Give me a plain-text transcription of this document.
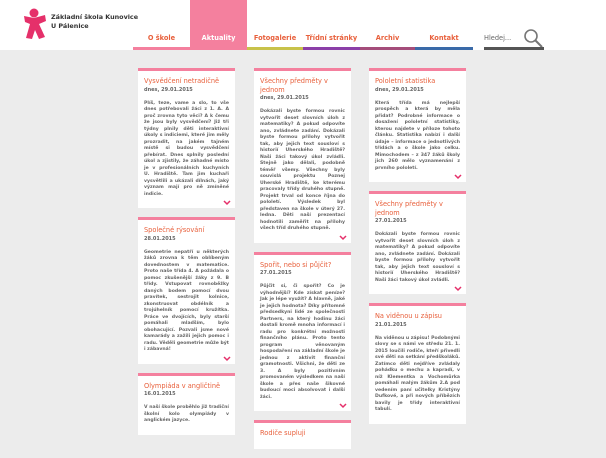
Základní škola Kunovice
U Pálenice
O škole	Aktuality	Fotogalerie	Třídní stránky	Archiv	Kontakt
Hledej...
Vysvědčení netradičně
dnes, 29.01.2015
Plíš, teze, vame a slo, to vše dnes potřebovali žáci z 1. A. A proč zrovna tyto věci? A k čemu že jsou byly vysvědčení? Již tři týdny plnily děti interaktivní úkoly s indiciemi, které jim měly prozradit, na jakém tajném místě si budou vysvědčení přebírat. Dnes splnily poslední úkol a zjistily, že záhadné místo je v profesionálních kuchyních U. Hradiště. Tam jim kuchaři vysvětlili a ukázali dílnách, jaký význam mají pro ně zmíněné indicie.
Společné rýsování
28.01.2015
Geometrie nepatří u některých žáků zrovna k těm oblíbeným dovednostem v matematice. Proto naše třída 4. A požádala o pomoc zkušenější žáky z 9. B třídy. Vstupovat rovnoběžky daných bodem pomocí dvou pravítek, sestrojit kolnice, zkonstruovat obdélník a trojúhelník pomocí kružítka. Práce ve dvojících, byly starší pomáhali mladším, bylo obohacující. Pozvali jsme nové kamarády a zažili jejich pomoc i radu. Věděli geometrie může být i zábavná!
Olympiáda v angličtině
16.01.2015
V naší škole proběhlo již tradiční školní kolo olympiády v anglickém jazyce.
Všechny předměty v jednom
dnes, 29.01.2015
Dokázali byste formou rovnic vytvořit deset slovních úloh z matematiky? A pokud odpovíte ano, zvládnete zadání. Dokázali byste formou přílohy vytvořit tak, aby jejich text sousloví s historií Uherského Hradiště? Naši žáci takový úkol zvládli. Stejně jako dělali, podobně téměř všemy. Všechny byly souvislá projektu Poznej Uherské Hradiště, ke kterému pracovaly třídy druhého stupně. Projekt trval od konce října do pololetí. Výsledek byl představen na škole v úterý 27. ledna. Děti naší prezentací hodnotili zaměřit na přílohy všech tříd druhého stupně.
Spořit, nebo si půjčit?
27.01.2015
Půjčit si, či spořit? Co je výhodnější? Kde získat peníze? Jak je lépe využít? A hlavně, jaké je jejich hodnota? Díky přítomné předsedkyni lidé ze společnosti Partners, na který hodinu žáci dostali kromě mnoha informací i radu pro konkrétní možnosti finančního plánu. Proto tento program věnovaným hospodaření na základní škole je jednou z aktivit finanční gramotnosti. Všichni, že děti ze 3. A byly pozitivním promovaném výsledkem na naší škole a přes naše šikovné budoucí moci absolvovat i další žáci.
Rodiče supluji
Pololetní statistika
dnes, 29.01.2015
Která třída má nejlepší prospěch a která by měla přidat? Podrobné informace o dosažení pololetní statistiky, kterou najdete v příloze tohoto článku. Statistika nabízí i další údaje – informace o jednotlivých třídách a o škole jako celku. Mimochodem – z 347 žáků školy jich 260 mělo vyznamenání z prvního pololetí.
Všechny předměty v jednom
27.01.2015
Dokázali byste formou rovnic vytvořit deset slovních úloh z matematiky? A pokud odpovíte ano, zvládnete zadání. Dokázali byste formou přílohy vytvořit tak, aby jejich text sousloví s historií Uherského Hradiště? Naši žáci takový úkol zvládli.
Na viděnou u zápisu
21.01.2015
Na viděnou u zápisu! Podobnými slovy se s námi ve středu 21. 1. 2015 loučili rodiče, kteří přivedli své děti na setkání předškoláků. Zatímco děti nejdříve zvládaly pohádku o mechu a kapradí, v níž Klementka a Vochomůrka pomáhali malým žákům 2.A pod vedením paní učitelky Kristýny Dufkové, a při nových příbězích bavily je třídy interaktivní tabulí.
